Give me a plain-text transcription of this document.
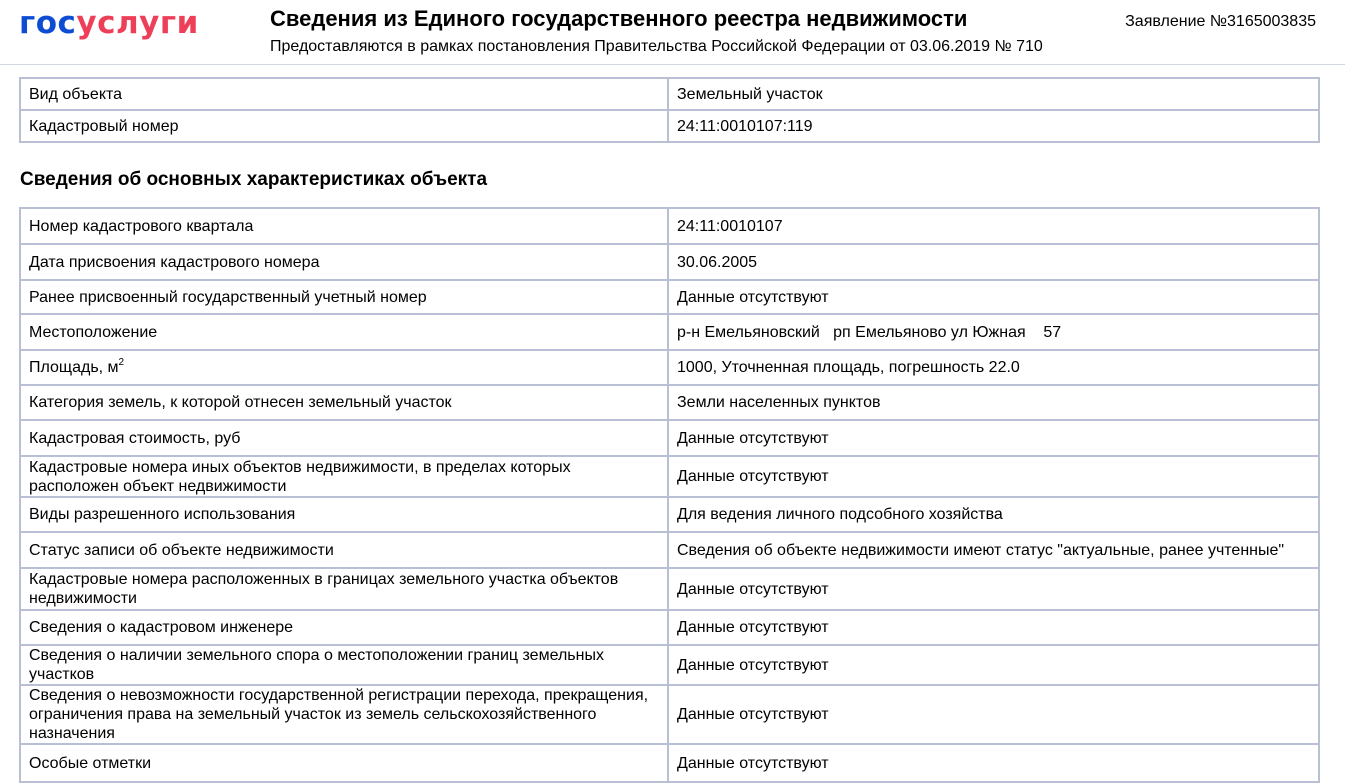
госуслуги	Сведения из Единого государственного реестра недвижимости
Предоставляются в рамках постановления Правительства Российской Федерации от 03.06.2019 № 710
Заявление №3165003835
Вид объекта	Земельный участок
Кадастровый номер	24:11:0010107:119
Сведения об основных характеристиках объекта
Номер кадастрового квартала	24:11:0010107
Дата присвоения кадастрового номера	30.06.2005
Ранее присвоенный государственный учетный номер	Данные отсутствуют
Местоположение	р-н Емельяновский   рп Емельяново ул Южная    57
Площадь, $м^2$	1000, Уточненная площадь, погрешность 22.0
Категория земель, к которой отнесен земельный участок	Земли населенных пунктов
Кадастровая стоимость, руб	Данные отсутствуют
Кадастровые номера иных объектов недвижимости, в пределах которых расположен объект недвижимости	Данные отсутствуют
Виды разрешенного использования	Для ведения личного подсобного хозяйства
Статус записи об объекте недвижимости	Сведения об объекте недвижимости имеют статус "актуальные, ранее учтенные"
Кадастровые номера расположенных в границах земельного участка объектов недвижимости	Данные отсутствуют
Сведения о кадастровом инженере	Данные отсутствуют
Сведения о наличии земельного спора о местоположении границ земельных участков	Данные отсутствуют
Сведения о невозможности государственной регистрации перехода, прекращения, ограничения права на земельный участок из земель сельскохозяйственного назначения	Данные отсутствуют
Особые отметки	Данные отсутствуют
